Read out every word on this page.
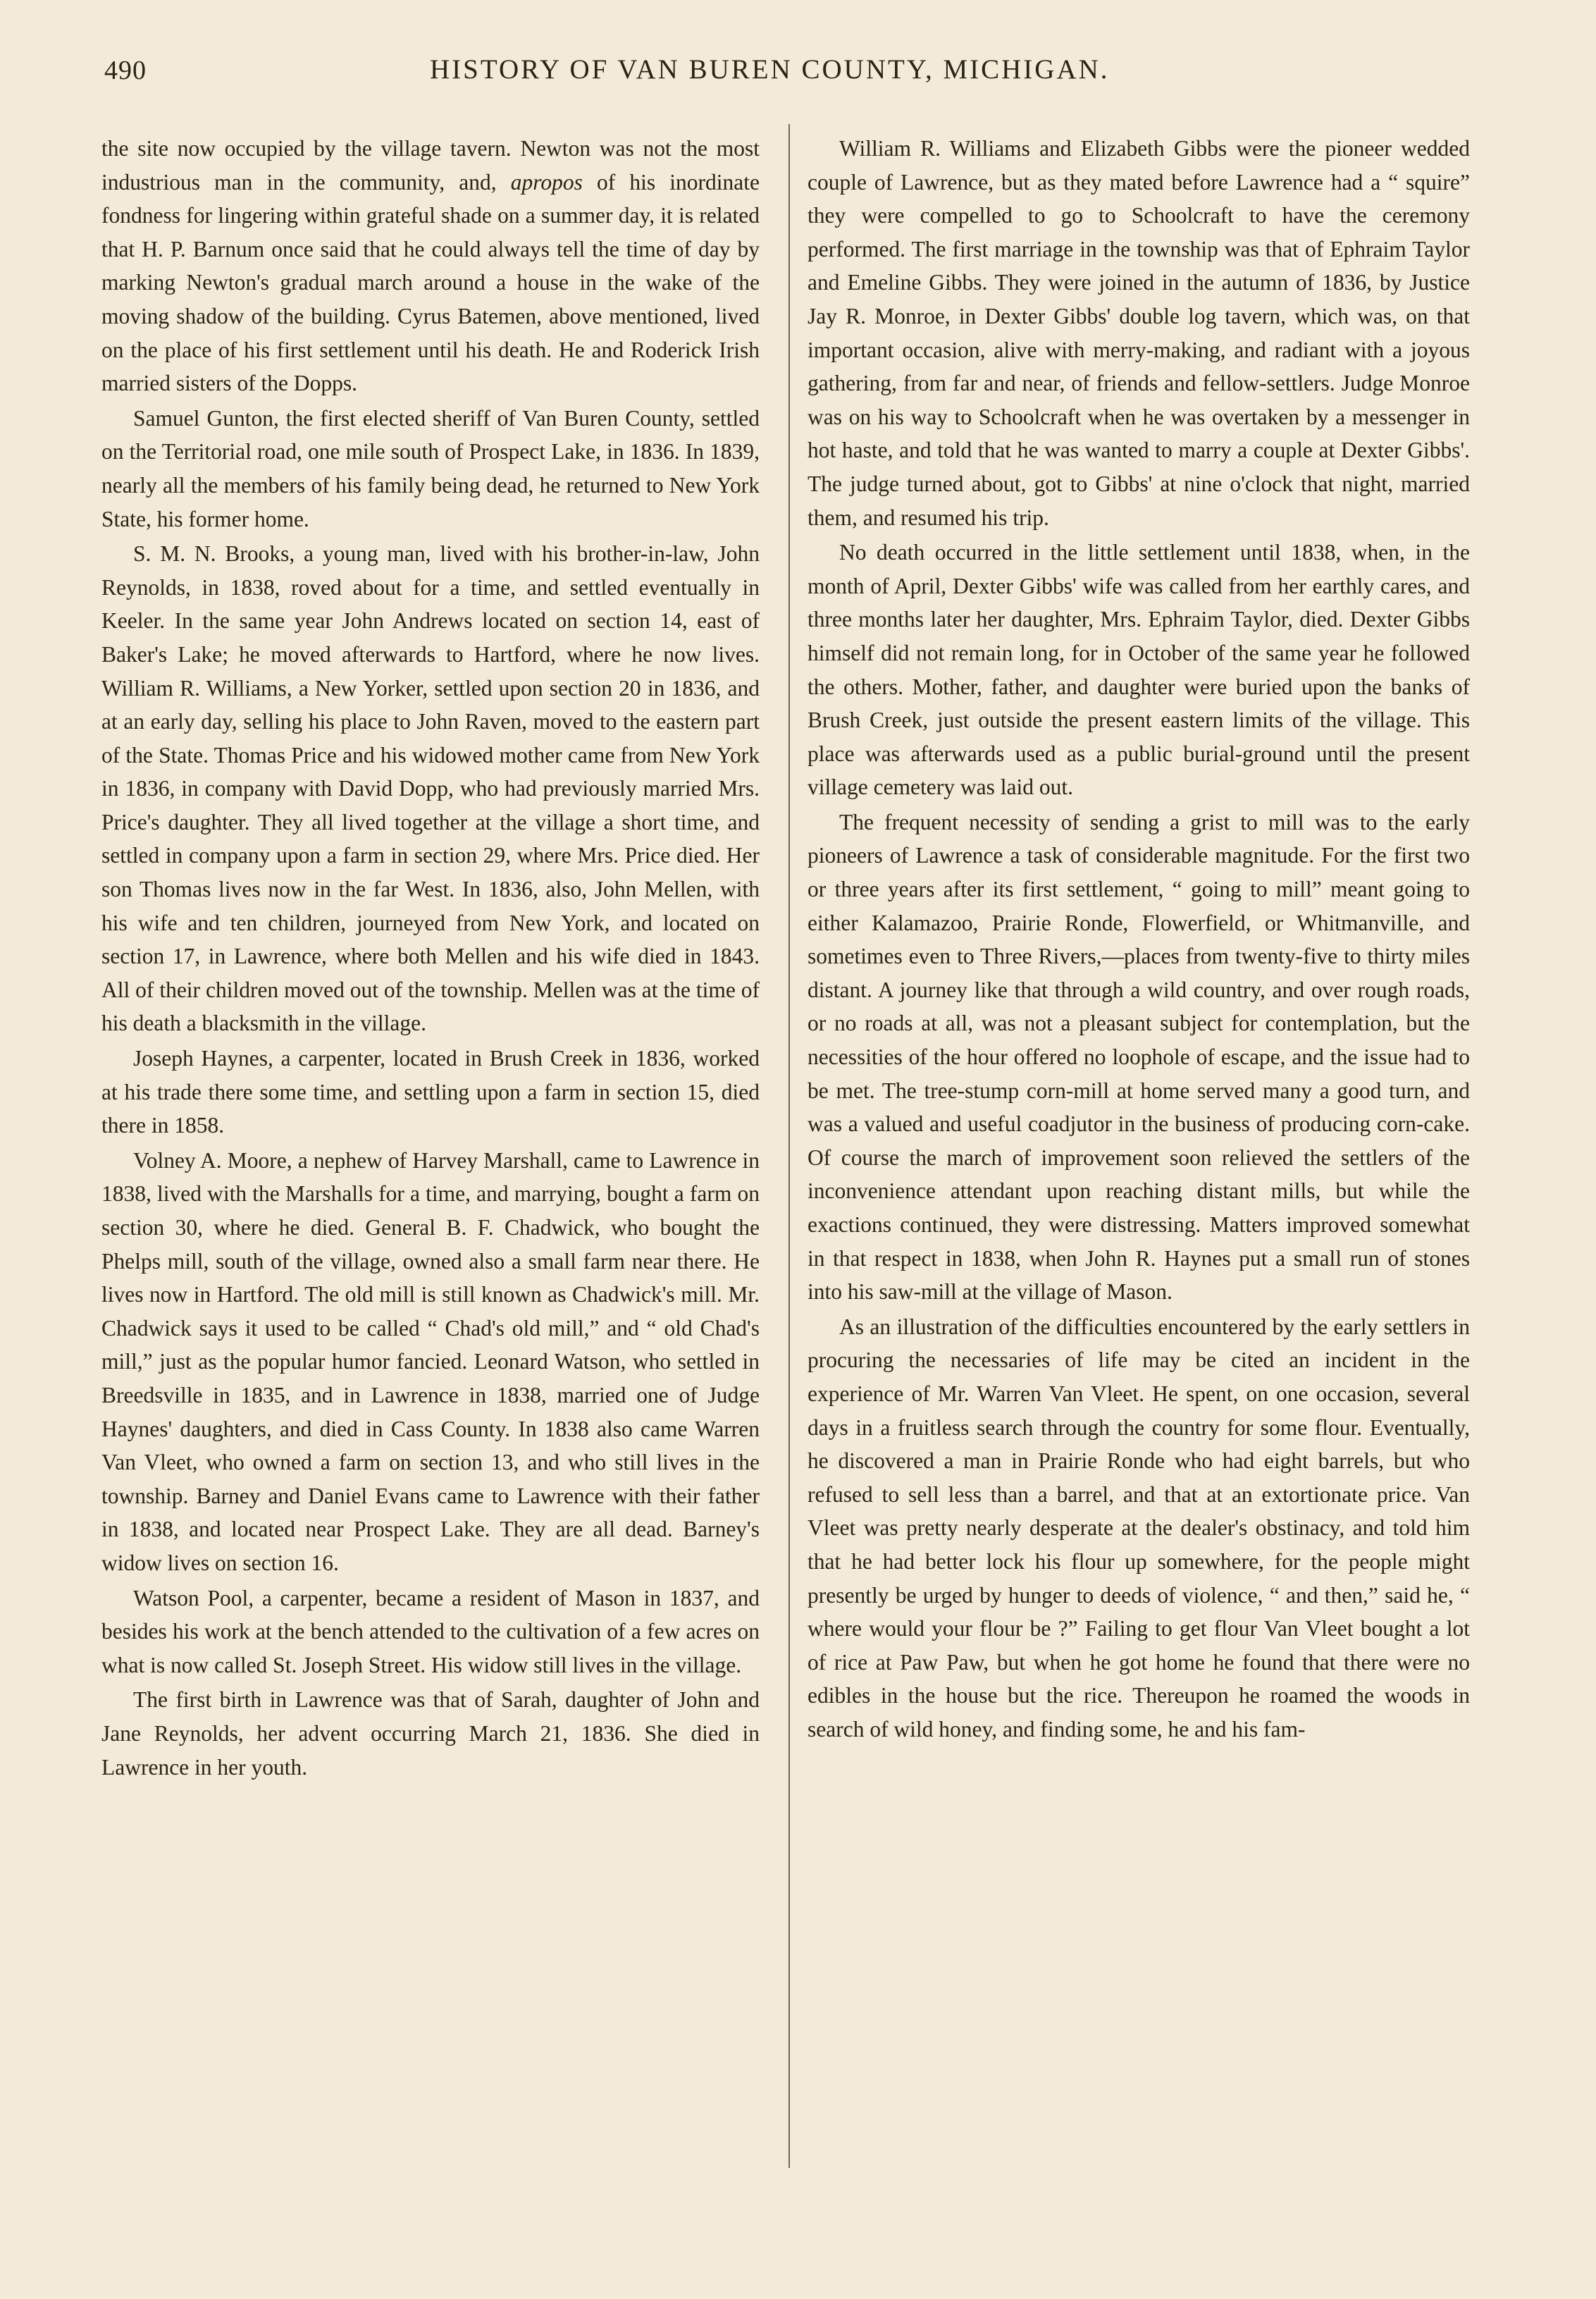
490	HISTORY OF VAN BUREN COUNTY, MICHIGAN.

the site now occupied by the village tavern. Newton was not the most industrious man in the community, and, apropos of his inordinate fondness for lingering within grateful shade on a summer day, it is related that H. P. Barnum once said that he could always tell the time of day by marking Newton's gradual march around a house in the wake of the moving shadow of the building. Cyrus Batemen, above mentioned, lived on the place of his first settlement until his death. He and Roderick Irish married sisters of the Dopps.

Samuel Gunton, the first elected sheriff of Van Buren County, settled on the Territorial road, one mile south of Prospect Lake, in 1836. In 1839, nearly all the members of his family being dead, he returned to New York State, his former home.

S. M. N. Brooks, a young man, lived with his brother-in-law, John Reynolds, in 1838, roved about for a time, and settled eventually in Keeler. In the same year John Andrews located on section 14, east of Baker's Lake; he moved afterwards to Hartford, where he now lives. William R. Williams, a New Yorker, settled upon section 20 in 1836, and at an early day, selling his place to John Raven, moved to the eastern part of the State. Thomas Price and his widowed mother came from New York in 1836, in company with David Dopp, who had previously married Mrs. Price's daughter. They all lived together at the village a short time, and settled in company upon a farm in section 29, where Mrs. Price died. Her son Thomas lives now in the far West. In 1836, also, John Mellen, with his wife and ten children, journeyed from New York, and located on section 17, in Lawrence, where both Mellen and his wife died in 1843. All of their children moved out of the township. Mellen was at the time of his death a blacksmith in the village.

Joseph Haynes, a carpenter, located in Brush Creek in 1836, worked at his trade there some time, and settling upon a farm in section 15, died there in 1858.

Volney A. Moore, a nephew of Harvey Marshall, came to Lawrence in 1838, lived with the Marshalls for a time, and marrying, bought a farm on section 30, where he died. General B. F. Chadwick, who bought the Phelps mill, south of the village, owned also a small farm near there. He lives now in Hartford. The old mill is still known as Chadwick's mill. Mr. Chadwick says it used to be called “ Chad's old mill,” and “ old Chad's mill,” just as the popular humor fancied. Leonard Watson, who settled in Breedsville in 1835, and in Lawrence in 1838, married one of Judge Haynes' daughters, and died in Cass County. In 1838 also came Warren Van Vleet, who owned a farm on section 13, and who still lives in the township. Barney and Daniel Evans came to Lawrence with their father in 1838, and located near Prospect Lake. They are all dead. Barney's widow lives on section 16.

Watson Pool, a carpenter, became a resident of Mason in 1837, and besides his work at the bench attended to the cultivation of a few acres on what is now called St. Joseph Street. His widow still lives in the village.

The first birth in Lawrence was that of Sarah, daughter of John and Jane Reynolds, her advent occurring March 21, 1836. She died in Lawrence in her youth.

William R. Williams and Elizabeth Gibbs were the pioneer wedded couple of Lawrence, but as they mated before Lawrence had a “ squire” they were compelled to go to Schoolcraft to have the ceremony performed. The first marriage in the township was that of Ephraim Taylor and Emeline Gibbs. They were joined in the autumn of 1836, by Justice Jay R. Monroe, in Dexter Gibbs' double log tavern, which was, on that important occasion, alive with merry-making, and radiant with a joyous gathering, from far and near, of friends and fellow-settlers. Judge Monroe was on his way to Schoolcraft when he was overtaken by a messenger in hot haste, and told that he was wanted to marry a couple at Dexter Gibbs'. The judge turned about, got to Gibbs' at nine o'clock that night, married them, and resumed his trip.

No death occurred in the little settlement until 1838, when, in the month of April, Dexter Gibbs' wife was called from her earthly cares, and three months later her daughter, Mrs. Ephraim Taylor, died. Dexter Gibbs himself did not remain long, for in October of the same year he followed the others. Mother, father, and daughter were buried upon the banks of Brush Creek, just outside the present eastern limits of the village. This place was afterwards used as a public burial-ground until the present village cemetery was laid out.

The frequent necessity of sending a grist to mill was to the early pioneers of Lawrence a task of considerable magnitude. For the first two or three years after its first settlement, “ going to mill” meant going to either Kalamazoo, Prairie Ronde, Flowerfield, or Whitmanville, and sometimes even to Three Rivers,—places from twenty-five to thirty miles distant. A journey like that through a wild country, and over rough roads, or no roads at all, was not a pleasant subject for contemplation, but the necessities of the hour offered no loophole of escape, and the issue had to be met. The tree-stump corn-mill at home served many a good turn, and was a valued and useful coadjutor in the business of producing corn-cake. Of course the march of improvement soon relieved the settlers of the inconvenience attendant upon reaching distant mills, but while the exactions continued, they were distressing. Matters improved somewhat in that respect in 1838, when John R. Haynes put a small run of stones into his saw-mill at the village of Mason.

As an illustration of the difficulties encountered by the early settlers in procuring the necessaries of life may be cited an incident in the experience of Mr. Warren Van Vleet. He spent, on one occasion, several days in a fruitless search through the country for some flour. Eventually, he discovered a man in Prairie Ronde who had eight barrels, but who refused to sell less than a barrel, and that at an extortionate price. Van Vleet was pretty nearly desperate at the dealer's obstinacy, and told him that he had better lock his flour up somewhere, for the people might presently be urged by hunger to deeds of violence, “ and then,” said he, “ where would your flour be ?” Failing to get flour Van Vleet bought a lot of rice at Paw Paw, but when he got home he found that there were no edibles in the house but the rice. Thereupon he roamed the woods in search of wild honey, and finding some, he and his fam-
